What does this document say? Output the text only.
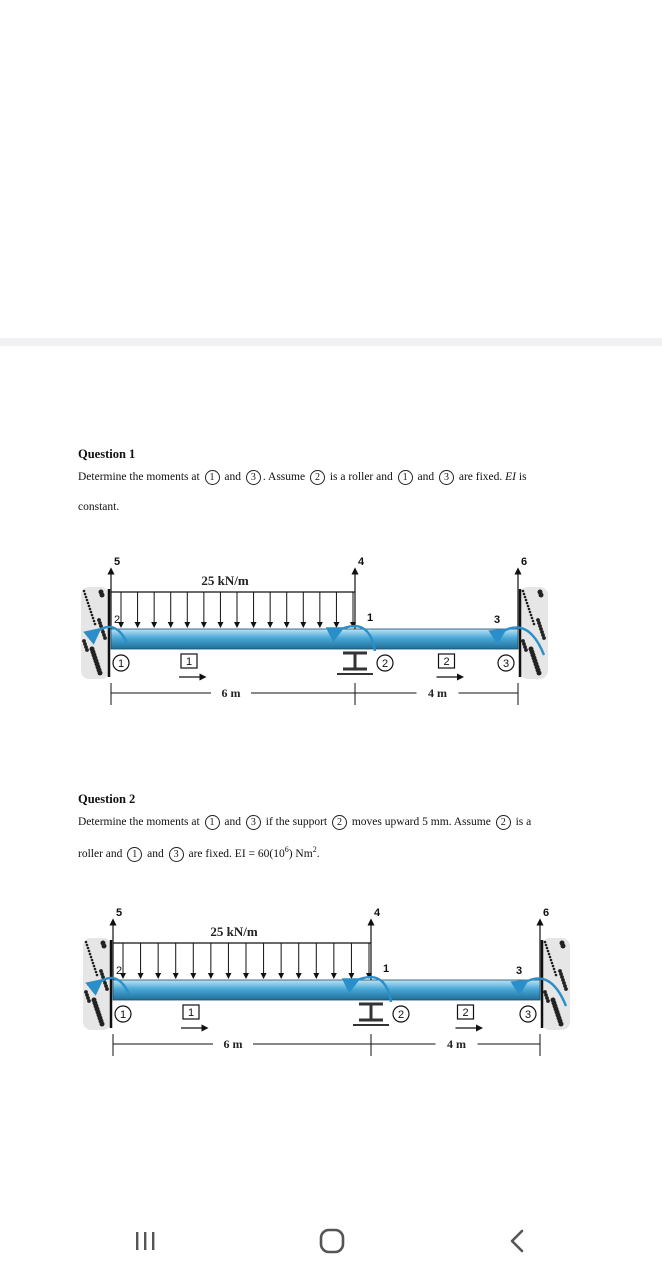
Question 1
Determine the moments at 1 and 3 . Assume 2 is a roller and 1 and 3 are fixed. EI is
constant.
25 kN/m
5	4	6
2	1	3
1	2	3
1	2
6 m	4 m
Question 2
Determine the moments at 1 and 3 if the support 2 moves upward 5 mm. Assume 2 is a
roller and 1 and 3 are fixed. EI = $60(10^6)$ Nm$^2$.
25 kN/m
5	4	6
2	1	3
1	2	3
1	2
6 m	4 m
